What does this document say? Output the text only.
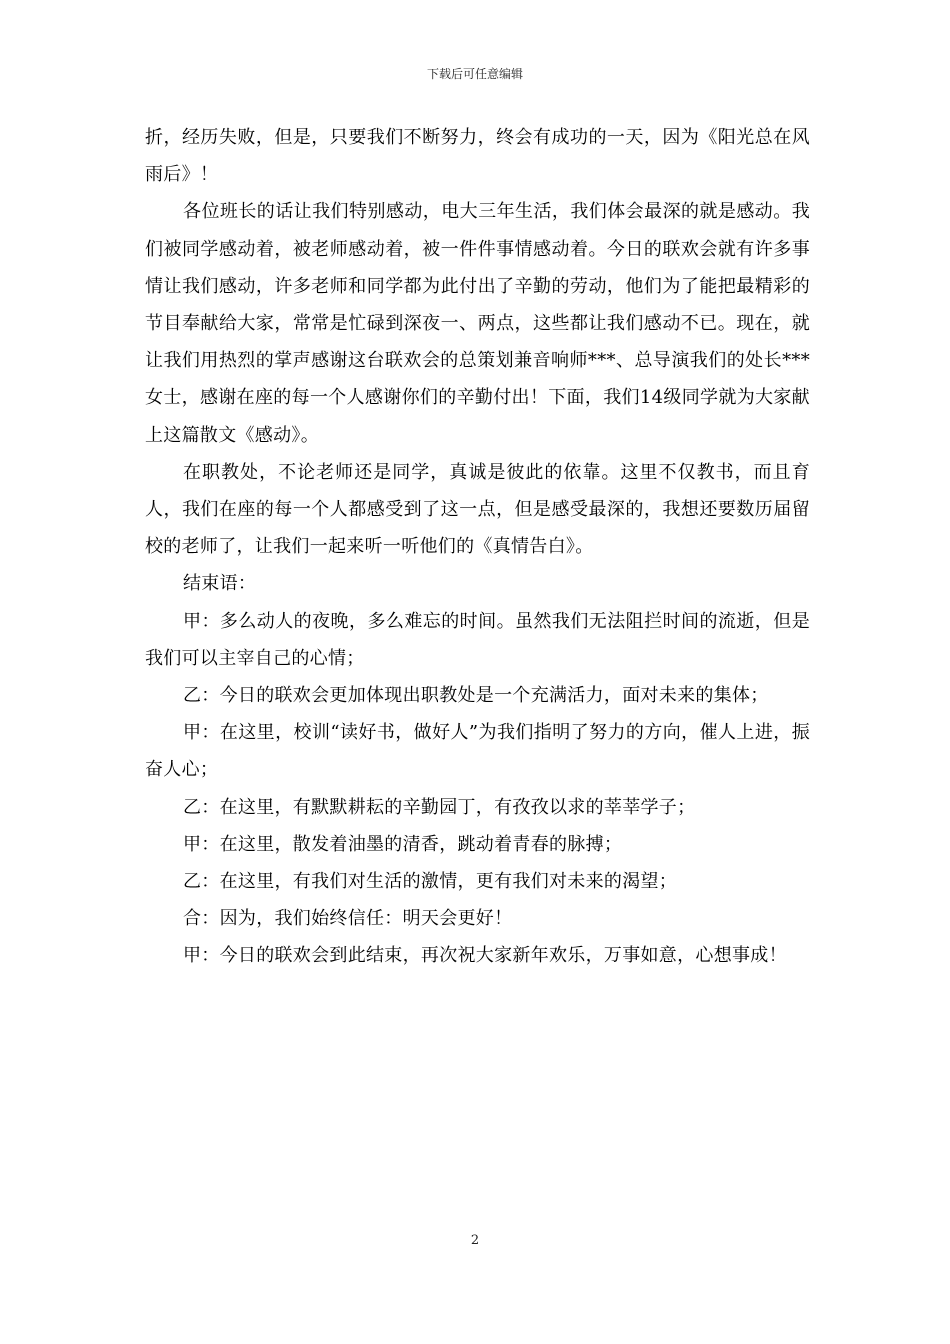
下载后可任意编辑

折，经历失败，但是，只要我们不断努力，终会有成功的一天，因为《阳光总在风雨后》！

各位班长的话让我们特别感动，电大三年生活，我们体会最深的就是感动。我们被同学感动着，被老师感动着，被一件件事情感动着。今日的联欢会就有许多事情让我们感动，许多老师和同学都为此付出了辛勤的劳动，他们为了能把最精彩的节目奉献给大家，常常是忙碌到深夜一、两点，这些都让我们感动不已。现在，就让我们用热烈的掌声感谢这台联欢会的总策划兼音响师***、总导演我们的处长***女士，感谢在座的每一个人感谢你们的辛勤付出！下面，我们14级同学就为大家献上这篇散文《感动》。

在职教处，不论老师还是同学，真诚是彼此的依靠。这里不仅教书，而且育人，我们在座的每一个人都感受到了这一点，但是感受最深的，我想还要数历届留校的老师了，让我们一起来听一听他们的《真情告白》。

结束语：

甲：多么动人的夜晚，多么难忘的时间。虽然我们无法阻拦时间的流逝，但是我们可以主宰自己的心情；

乙：今日的联欢会更加体现出职教处是一个充满活力，面对未来的集体；

甲：在这里，校训“读好书，做好人”为我们指明了努力的方向，催人上进，振奋人心；

乙：在这里，有默默耕耘的辛勤园丁，有孜孜以求的莘莘学子；

甲：在这里，散发着油墨的清香，跳动着青春的脉搏；

乙：在这里，有我们对生活的激情，更有我们对未来的渴望；

合：因为，我们始终信任：明天会更好！

甲：今日的联欢会到此结束，再次祝大家新年欢乐，万事如意，心想事成！

2
